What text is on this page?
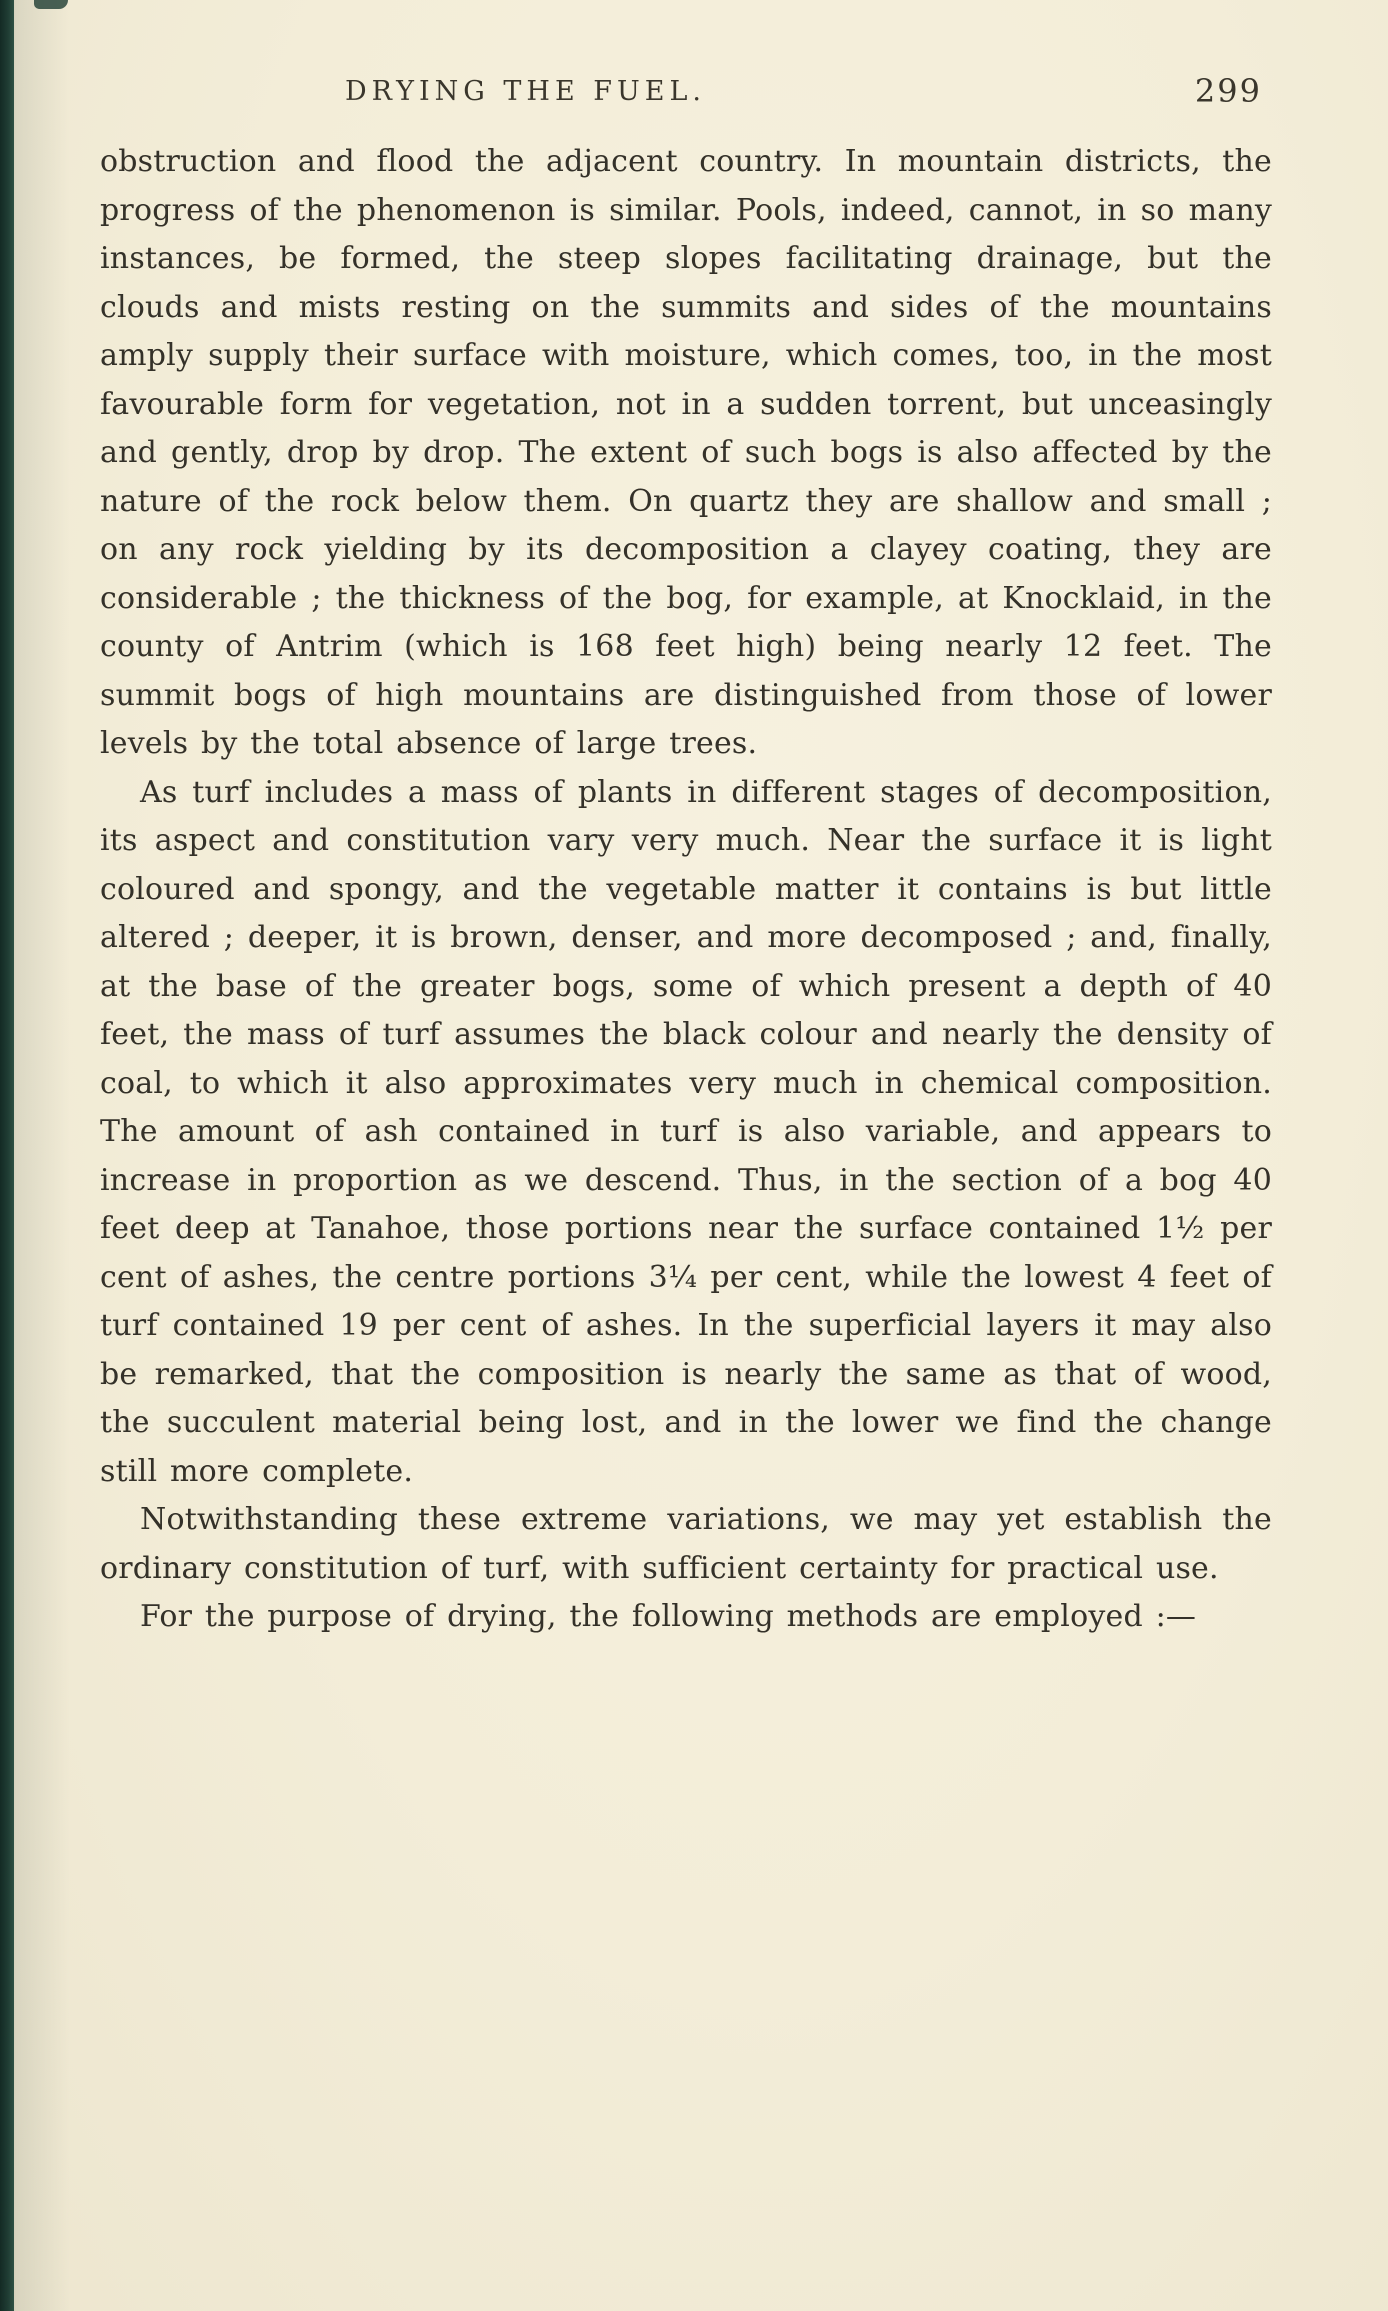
DRYING THE FUEL.	299

obstruction and flood the adjacent country. In mountain districts, the progress of the phenomenon is similar. Pools, indeed, cannot, in so many instances, be formed, the steep slopes facilitating drainage, but the clouds and mists resting on the summits and sides of the mountains amply supply their surface with moisture, which comes, too, in the most favourable form for vegetation, not in a sudden torrent, but unceasingly and gently, drop by drop. The extent of such bogs is also affected by the nature of the rock below them. On quartz they are shallow and small ; on any rock yielding by its decomposition a clayey coating, they are considerable ; the thickness of the bog, for example, at Knocklaid, in the county of Antrim (which is 168 feet high) being nearly 12 feet. The summit bogs of high mountains are distinguished from those of lower levels by the total absence of large trees.

As turf includes a mass of plants in different stages of decomposition, its aspect and constitution vary very much. Near the surface it is light coloured and spongy, and the vegetable matter it contains is but little altered ; deeper, it is brown, denser, and more decomposed ; and, finally, at the base of the greater bogs, some of which present a depth of 40 feet, the mass of turf assumes the black colour and nearly the density of coal, to which it also approximates very much in chemical composition. The amount of ash contained in turf is also variable, and appears to increase in proportion as we descend. Thus, in the section of a bog 40 feet deep at Tanahoe, those portions near the surface contained 1½ per cent of ashes, the centre portions 3¼ per cent, while the lowest 4 feet of turf contained 19 per cent of ashes. In the superficial layers it may also be remarked, that the composition is nearly the same as that of wood, the succulent material being lost, and in the lower we find the change still more complete.

Notwithstanding these extreme variations, we may yet establish the ordinary constitution of turf, with sufficient certainty for practical use.

For the purpose of drying, the following methods are employed :—
